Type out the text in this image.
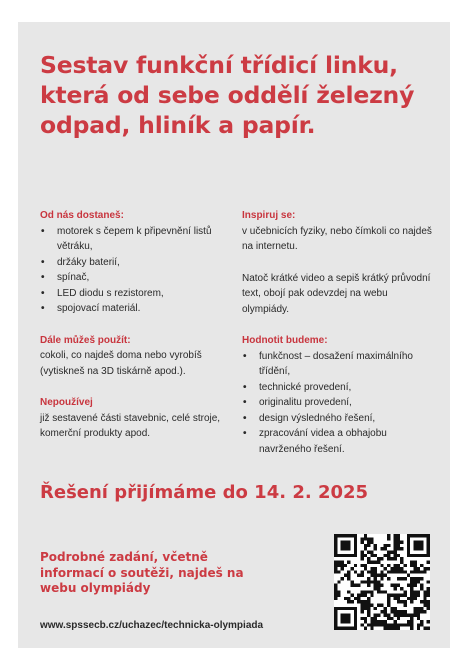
Sestav funkční třídicí linku, která od sebe oddělí železný odpad, hliník a papír.

Od nás dostaneš:

• motorek s čepem k připevnění listů větráku,
• držáky baterií,
• spínač,
• LED diodu s rezistorem,
• spojovací materiál.

Dále můžeš použít:

cokoli, co najdeš doma nebo vyrobíš (vytiskneš na 3D tiskárně apod.).

Nepoužívej

již sestavené části stavebnic, celé stroje, komerční produkty apod.

Inspiruj se:

v učebnicích fyziky, nebo čímkoli co najdeš na internetu.

Natoč krátké video a sepiš krátký průvodní text, obojí pak odevzdej na webu olympiády.

Hodnotit budeme:

• funkčnost – dosažení maximálního třídění,
• technické provedení,
• originalitu provedení,
• design výsledného řešení,
• zpracování videa a obhajobu navrženého řešení.

Řešení přijímáme do 14. 2. 2025

Podrobné zadání, včetně informací o soutěži, najdeš na webu olympiády

www.spssecb.cz/uchazec/technicka-olympiada
